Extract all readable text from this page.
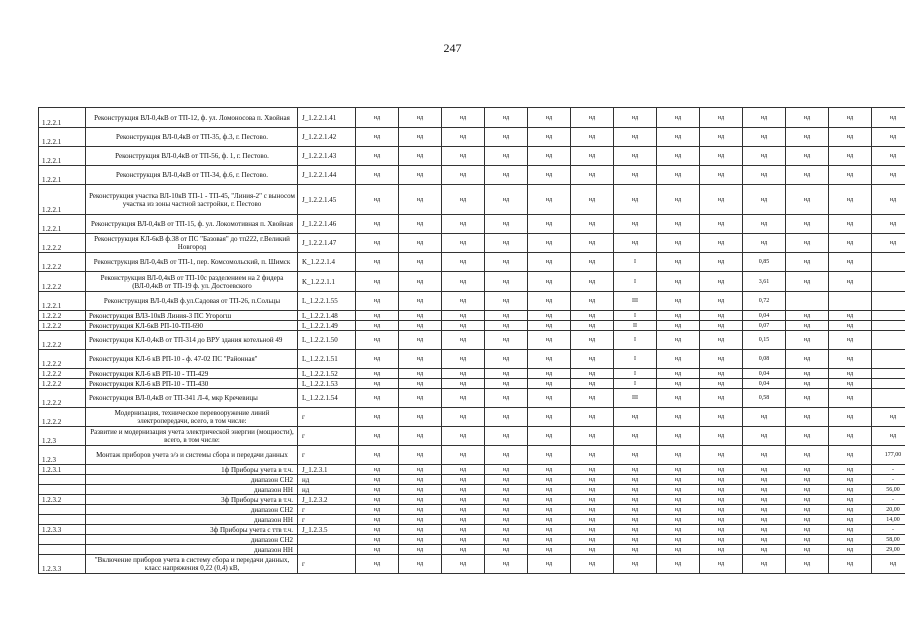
247
1.2.2.1	Реконструкция ВЛ-0,4кВ от ТП-12, ф. ул. Ломоносова п. Хвойная	J_1.2.2.1.41	нд	нд	нд	нд	нд	нд	нд	нд	нд	нд	нд	нд	нд	
1.2.2.1	Реконструкция ВЛ-0,4кВ от ТП-35, ф.3, г. Пестово.	J_1.2.2.1.42	нд	нд	нд	нд	нд	нд	нд	нд	нд	нд	нд	нд	нд	
1.2.2.1	Реконструкция ВЛ-0,4кВ от ТП-56, ф. 1, г. Пестово.	J_1.2.2.1.43	нд	нд	нд	нд	нд	нд	нд	нд	нд	нд	нд	нд	нд	
1.2.2.1	Реконструкция ВЛ-0,4кВ от ТП-34, ф.6, г. Пестово.	J_1.2.2.1.44	нд	нд	нд	нд	нд	нд	нд	нд	нд	нд	нд	нд	нд	
1.2.2.1	Реконструкция участка ВЛ-10кВ ТП-1 - ТП-45, "Линия-2" с выносом участка из зоны частной застройки, г. Пестово	J_1.2.2.1.45	нд	нд	нд	нд	нд	нд	нд	нд	нд	нд	нд	нд	нд	
1.2.2.1	Реконструкция ВЛ-0,4кВ от ТП-15, ф. ул. Локомотивная п. Хвойная	J_1.2.2.1.46	нд	нд	нд	нд	нд	нд	нд	нд	нд	нд	нд	нд	нд	
1.2.2.2	Реконструкция КЛ-6кВ ф.38 от ПС "Базовая" до тп222, г.Великий Новгород	J_1.2.2.1.47	нд	нд	нд	нд	нд	нд	нд	нд	нд	нд	нд	нд	нд	
1.2.2.2	Реконструкция ВЛ-0,4кВ от ТП-1, пер. Комсомольский, п. Шимск	K_1.2.2.1.4	нд	нд	нд	нд	нд	нд	I	нд	нд	0,85	нд	нд		
1.2.2.2	Реконструкция ВЛ-0,4кВ от ТП-10с разделением на 2 фидера (ВЛ-0,4кВ от ТП-19 ф. ул. Достоевского	K_1.2.2.1.1	нд	нд	нд	нд	нд	нд	I	нд	нд	3,61	нд	нд		
1.2.2.1	Реконструкция ВЛ-0,4кВ ф.ул.Садовая от ТП-26, п.Сольцы	L_1.2.2.1.55	нд	нд	нд	нд	нд	нд	III	нд	нд	0,72				
1.2.2.2	Реконструкция ВЛЗ-10кВ Линия-3 ПС Угорогш	L_1.2.2.1.48	нд	нд	нд	нд	нд	нд	I	нд	нд	0,04	нд	нд		
1.2.2.2	Реконструкция КЛ-6кВ РП-10-ТП-690	L_1.2.2.1.49	нд	нд	нд	нд	нд	нд	II	нд	нд	0,07	нд	нд		
1.2.2.2	Реконструкция КЛ-0,4кВ от ТП-314 до ВРУ здания котельной 49	L_1.2.2.1.50	нд	нд	нд	нд	нд	нд	I	нд	нд	0,15	нд	нд		
1.2.2.2	Реконструкция КЛ-6 кВ РП-10 - ф. 47-02 ПС "Районная"	L_1.2.2.1.51	нд	нд	нд	нд	нд	нд	I	нд	нд	0,08	нд	нд		
1.2.2.2	Реконструкция КЛ-6 кВ РП-10 - ТП-429	L_1.2.2.1.52	нд	нд	нд	нд	нд	нд	I	нд	нд	0,04	нд	нд		
1.2.2.2	Реконструкция КЛ-6 кВ РП-10 - ТП-430	L_1.2.2.1.53	нд	нд	нд	нд	нд	нд	I	нд	нд	0,04	нд	нд		
1.2.2.2	Реконструкция ВЛ-0,4кВ от ТП-341 Л-4, мкр Кречевицы	L_1.2.2.1.54	нд	нд	нд	нд	нд	нд	III	нд	нд	0,58	нд	нд		
1.2.2.2	Модернизация, техническое перевооружение линий электропередачи, всего, в том числе:	г	нд	нд	нд	нд	нд	нд	нд	нд	нд	нд	нд	нд	нд	
1.2.3	Развитие и модернизация учета электрической энергии (мощности), всего, в том числе:	г	нд	нд	нд	нд	нд	нд	нд	нд	нд	нд	нд	нд	нд	
1.2.3	Монтаж приборов учета э/э и системы сбора и передачи данных	г	нд	нд	нд	нд	нд	нд	нд	нд	нд	нд	нд	нд	177,00	
1.2.3.1	1ф Приборы учета в т.ч.	J_1.2.3.1	нд	нд	нд	нд	нд	нд	нд	нд	нд	нд	нд	нд	-	
	диапазон СН2	нд	нд	нд	нд	нд	нд	нд	нд	нд	нд	нд	нд	нд	-	
	диапазон НН	нд	нд	нд	нд	нд	нд	нд	нд	нд	нд	нд	нд	нд	56,00	
1.2.3.2	3ф Приборы учета в т.ч.	J_1.2.3.2	нд	нд	нд	нд	нд	нд	нд	нд	нд	нд	нд	нд	-	
	диапазон СН2	г	нд	нд	нд	нд	нд	нд	нд	нд	нд	нд	нд	нд	20,00	
	диапазон НН	г	нд	нд	нд	нд	нд	нд	нд	нд	нд	нд	нд	нд	14,00	
1.2.3.3	3ф Приборы учета с ттв т.ч.	J_1.2.3.5	нд	нд	нд	нд	нд	нд	нд	нд	нд	нд	нд	нд	-	
	диапазон СН2		нд	нд	нд	нд	нд	нд	нд	нд	нд	нд	нд	нд	58,00	
	диапазон НН		нд	нд	нд	нд	нд	нд	нд	нд	нд	нд	нд	нд	29,00	
1.2.3.3	"Включение приборов учета в систему сбора и передачи данных, класс напряжения 0,22 (0,4) кВ,	г	нд	нд	нд	нд	нд	нд	нд	нд	нд	нд	нд	нд	нд	
